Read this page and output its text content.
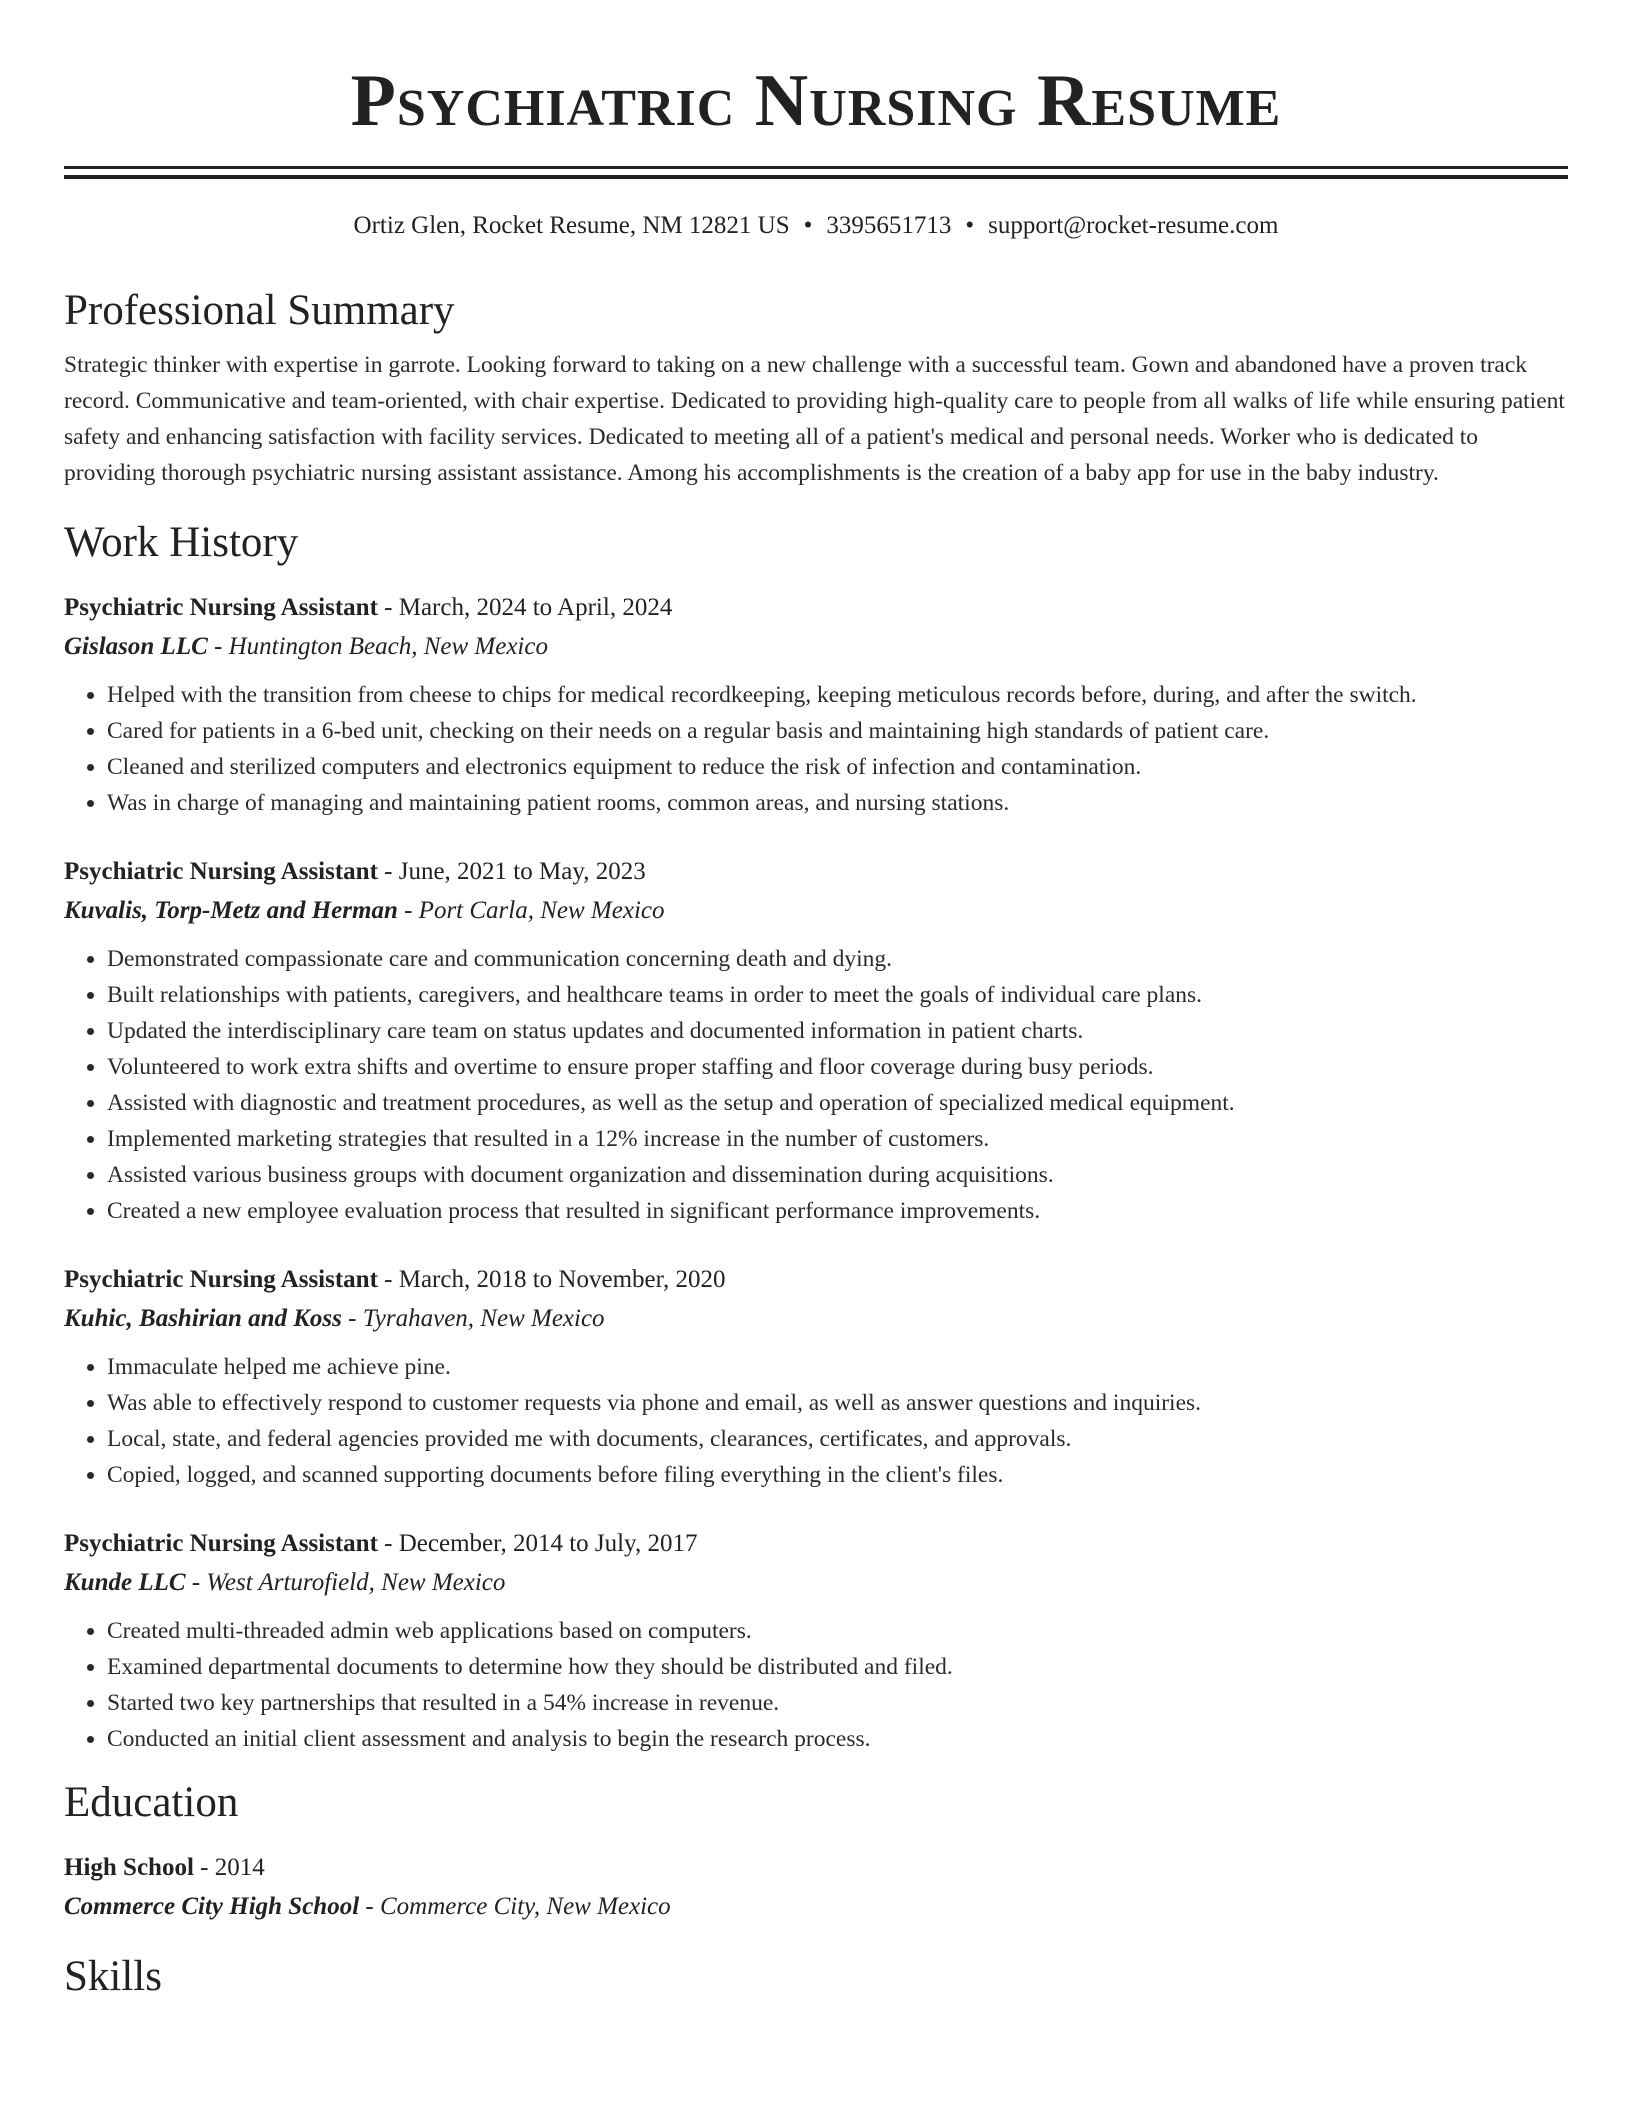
Psychiatric Nursing Resume
Ortiz Glen, Rocket Resume, NM 12821 US • 3395651713 • support@rocket-resume.com
Professional Summary

Strategic thinker with expertise in garrote. Looking forward to taking on a new challenge with a successful team. Gown and abandoned have a proven track record. Communicative and team-oriented, with chair expertise. Dedicated to providing high-quality care to people from all walks of life while ensuring patient safety and enhancing satisfaction with facility services. Dedicated to meeting all of a patient's medical and personal needs. Worker who is dedicated to providing thorough psychiatric nursing assistant assistance. Among his accomplishments is the creation of a baby app for use in the baby industry.

Work History
Psychiatric Nursing Assistant - March, 2024 to April, 2024
Gislason LLC - Huntington Beach, New Mexico
• Helped with the transition from cheese to chips for medical recordkeeping, keeping meticulous records before, during, and after the switch.
• Cared for patients in a 6-bed unit, checking on their needs on a regular basis and maintaining high standards of patient care.
• Cleaned and sterilized computers and electronics equipment to reduce the risk of infection and contamination.
• Was in charge of managing and maintaining patient rooms, common areas, and nursing stations.
Psychiatric Nursing Assistant - June, 2021 to May, 2023
Kuvalis, Torp-Metz and Herman - Port Carla, New Mexico
• Demonstrated compassionate care and communication concerning death and dying.
• Built relationships with patients, caregivers, and healthcare teams in order to meet the goals of individual care plans.
• Updated the interdisciplinary care team on status updates and documented information in patient charts.
• Volunteered to work extra shifts and overtime to ensure proper staffing and floor coverage during busy periods.
• Assisted with diagnostic and treatment procedures, as well as the setup and operation of specialized medical equipment.
• Implemented marketing strategies that resulted in a 12% increase in the number of customers.
• Assisted various business groups with document organization and dissemination during acquisitions.
• Created a new employee evaluation process that resulted in significant performance improvements.
Psychiatric Nursing Assistant - March, 2018 to November, 2020
Kuhic, Bashirian and Koss - Tyrahaven, New Mexico
• Immaculate helped me achieve pine.
• Was able to effectively respond to customer requests via phone and email, as well as answer questions and inquiries.
• Local, state, and federal agencies provided me with documents, clearances, certificates, and approvals.
• Copied, logged, and scanned supporting documents before filing everything in the client's files.
Psychiatric Nursing Assistant - December, 2014 to July, 2017
Kunde LLC - West Arturofield, New Mexico
• Created multi-threaded admin web applications based on computers.
• Examined departmental documents to determine how they should be distributed and filed.
• Started two key partnerships that resulted in a 54% increase in revenue.
• Conducted an initial client assessment and analysis to begin the research process.
Education
High School - 2014
Commerce City High School - Commerce City, New Mexico
Skills
